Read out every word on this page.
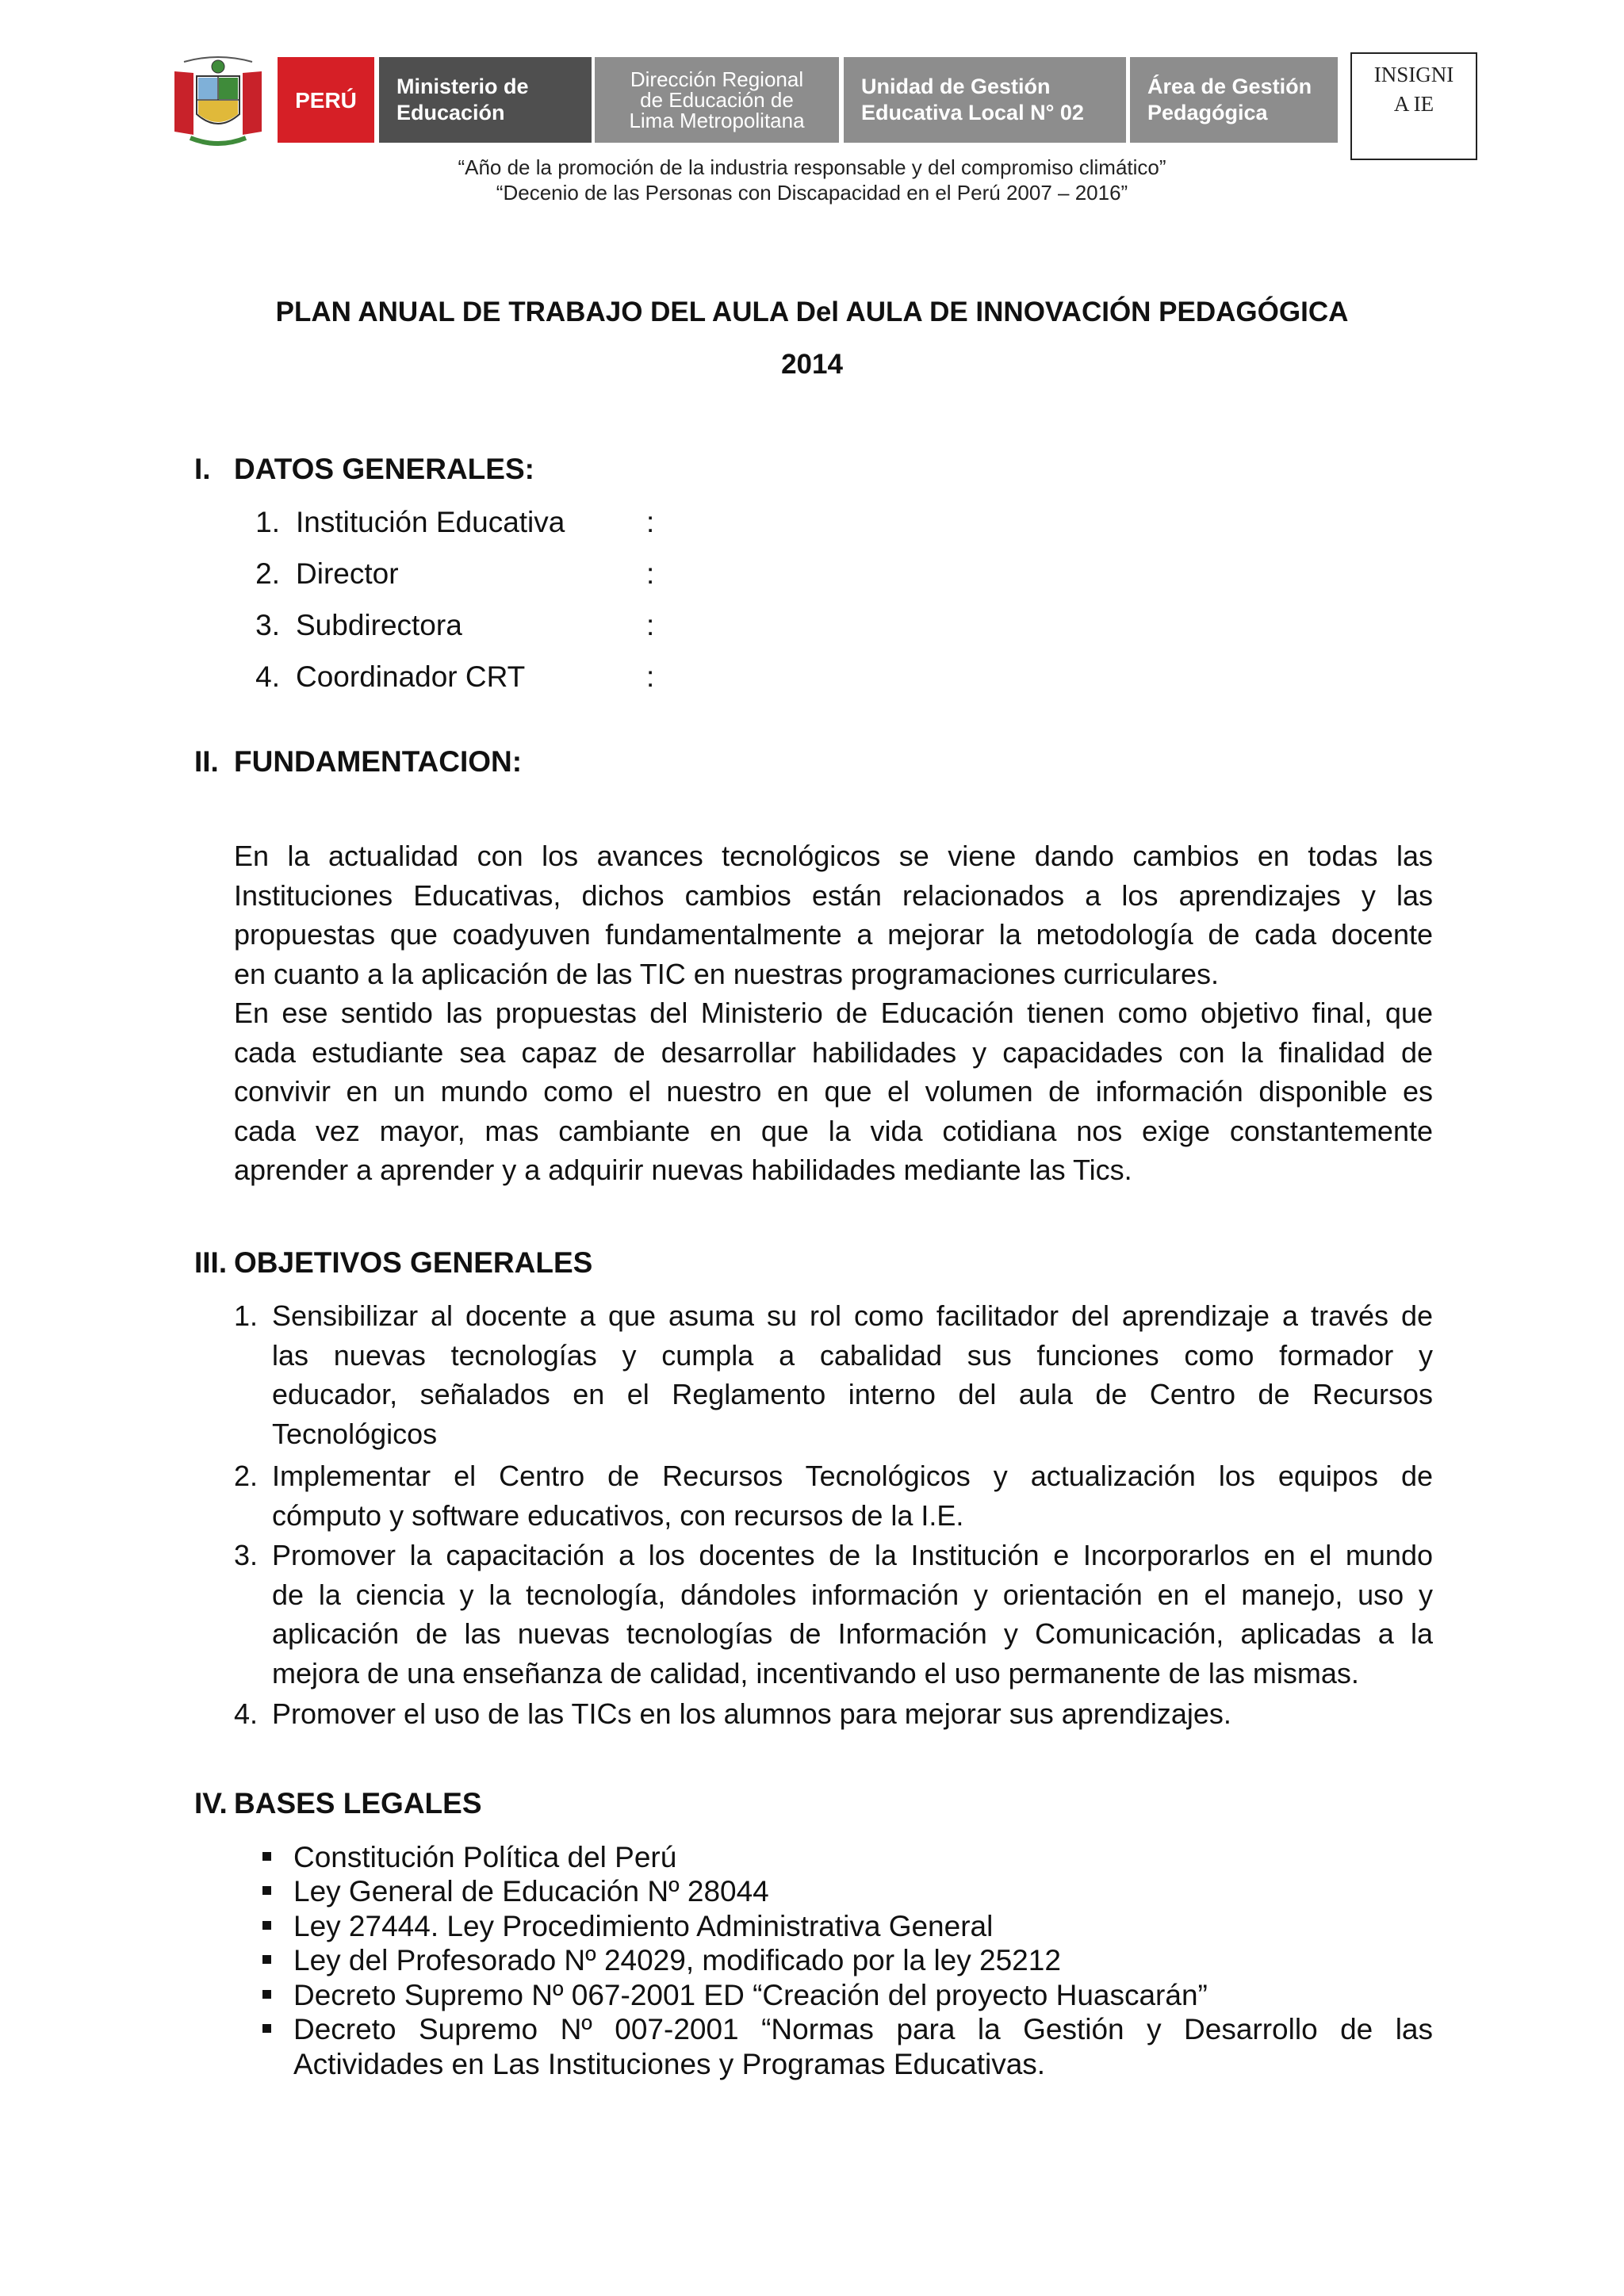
PERÚ
Ministerio de
Educación
Dirección Regional
de Educación de
Lima Metropolitana
Unidad de Gestión
Educativa Local N° 02
Área de Gestión
Pedagógica
INSIGNI
A IE
“Año de la promoción de la industria responsable y del compromiso climático”
“Decenio de las Personas con Discapacidad en el Perú 2007 – 2016”
PLAN ANUAL DE TRABAJO DEL AULA Del AULA DE INNOVACIÓN PEDAGÓGICA
2014
I. DATOS GENERALES:
1. Institución Educativa	:
2. Director	:
3. Subdirectora	:
4. Coordinador CRT	:
II. FUNDAMENTACION:
En la actualidad con los avances tecnológicos se viene dando cambios en todas las
Instituciones Educativas, dichos cambios están relacionados a los aprendizajes y las
propuestas que coadyuven fundamentalmente a mejorar la metodología de cada docente
en cuanto a la aplicación de las TIC en nuestras programaciones curriculares.
En ese sentido las propuestas del Ministerio de Educación tienen como objetivo final, que
cada estudiante sea capaz de desarrollar habilidades y capacidades con la finalidad de
convivir en un mundo como el nuestro en que el volumen de información disponible es
cada vez mayor, mas cambiante en que la vida cotidiana nos exige constantemente
aprender a aprender y a adquirir nuevas habilidades mediante las Tics.
III. OBJETIVOS GENERALES
1. Sensibilizar al docente a que asuma su rol como facilitador del aprendizaje a través de
las nuevas tecnologías y cumpla a cabalidad sus funciones como formador y
educador, señalados en el Reglamento interno del aula de Centro de Recursos
Tecnológicos
2. Implementar el Centro de Recursos Tecnológicos y actualización los equipos de
cómputo y software educativos, con recursos de la I.E.
3. Promover la capacitación a los docentes de la Institución e Incorporarlos en el mundo
de la ciencia y la tecnología, dándoles información y orientación en el manejo, uso y
aplicación de las nuevas tecnologías de Información y Comunicación, aplicadas a la
mejora de una enseñanza de calidad, incentivando el uso permanente de las mismas.
4. Promover el uso de las TICs en los alumnos para mejorar sus aprendizajes.
IV. BASES LEGALES
Constitución Política del Perú
Ley General de Educación Nº 28044
Ley 27444. Ley Procedimiento Administrativa General
Ley del Profesorado Nº 24029, modificado por la ley 25212
Decreto Supremo Nº 067-2001 ED “Creación del proyecto Huascarán”
Decreto Supremo Nº 007-2001 “Normas para la Gestión y Desarrollo de las
Actividades en Las Instituciones y Programas Educativas.
